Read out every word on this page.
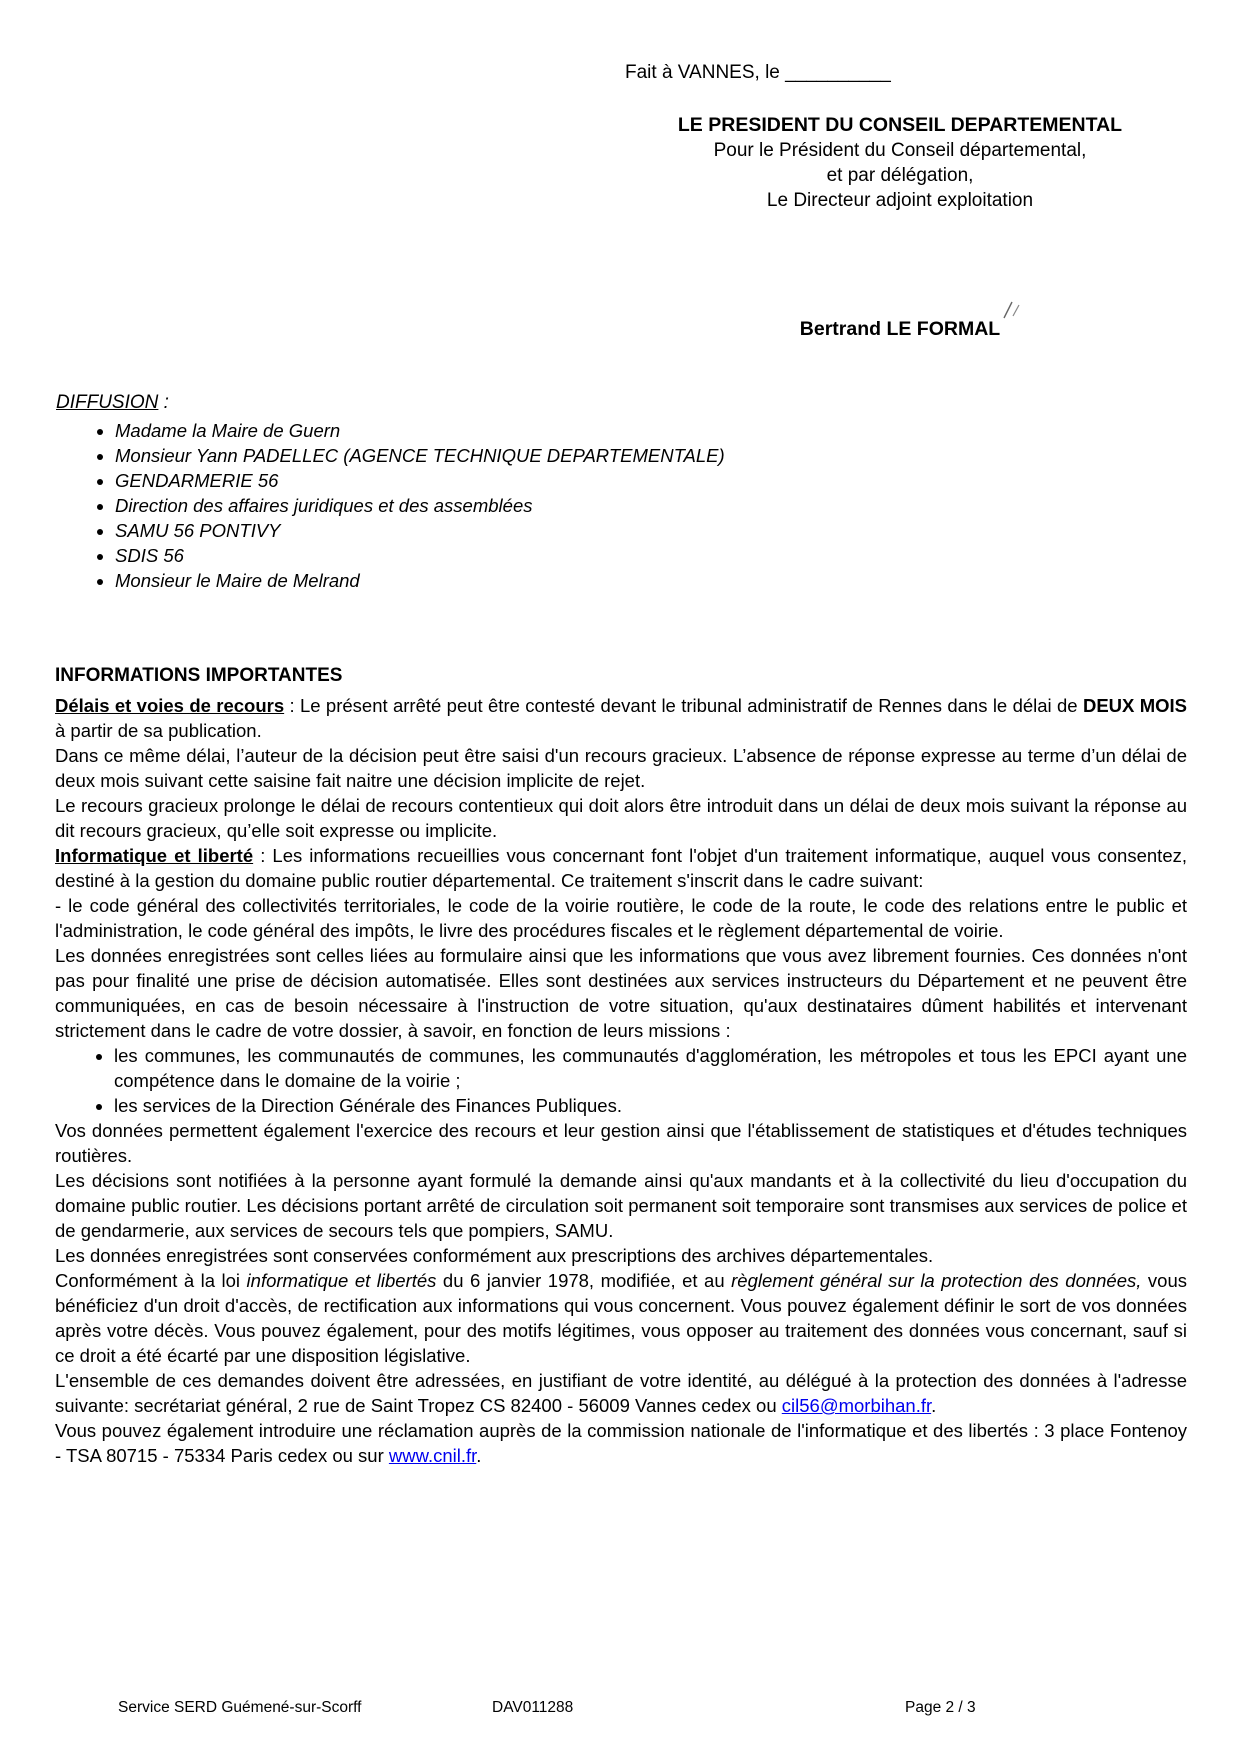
Fait à VANNES, le __________
LE PRESIDENT DU CONSEIL DEPARTEMENTAL
Pour le Président du Conseil départemental,
et par délégation,
Le Directeur adjoint exploitation
Bertrand LE FORMAL
DIFFUSION :
• Madame la Maire de Guern
• Monsieur Yann PADELLEC (AGENCE TECHNIQUE DEPARTEMENTALE)
• GENDARMERIE 56
• Direction des affaires juridiques et des assemblées
• SAMU 56 PONTIVY
• SDIS 56
• Monsieur le Maire de Melrand
INFORMATIONS IMPORTANTES

Délais et voies de recours : Le présent arrêté peut être contesté devant le tribunal administratif de Rennes dans le délai de DEUX MOIS à partir de sa publication.

Dans ce même délai, l’auteur de la décision peut être saisi d'un recours gracieux. L’absence de réponse expresse au terme d’un délai de deux mois suivant cette saisine fait naitre une décision implicite de rejet.

Le recours gracieux prolonge le délai de recours contentieux qui doit alors être introduit dans un délai de deux mois suivant la réponse au dit recours gracieux, qu’elle soit expresse ou implicite.

Informatique et liberté : Les informations recueillies vous concernant font l'objet d'un traitement informatique, auquel vous consentez, destiné à la gestion du domaine public routier départemental. Ce traitement s'inscrit dans le cadre suivant:

- le code général des collectivités territoriales, le code de la voirie routière, le code de la route, le code des relations entre le public et l'administration, le code général des impôts, le livre des procédures fiscales et le règlement départemental de voirie.

Les données enregistrées sont celles liées au formulaire ainsi que les informations que vous avez librement fournies. Ces données n'ont pas pour finalité une prise de décision automatisée. Elles sont destinées aux services instructeurs du Département et ne peuvent être communiquées, en cas de besoin nécessaire à l'instruction de votre situation, qu'aux destinataires dûment habilités et intervenant strictement dans le cadre de votre dossier, à savoir, en fonction de leurs missions :

• les communes, les communautés de communes, les communautés d'agglomération, les métropoles et tous les EPCI ayant une compétence dans le domaine de la voirie ;
• les services de la Direction Générale des Finances Publiques.

Vos données permettent également l'exercice des recours et leur gestion ainsi que l'établissement de statistiques et d'études techniques routières.

Les décisions sont notifiées à la personne ayant formulé la demande ainsi qu'aux mandants et à la collectivité du lieu d'occupation du domaine public routier. Les décisions portant arrêté de circulation soit permanent soit temporaire sont transmises aux services de police et de gendarmerie, aux services de secours tels que pompiers, SAMU.

Les données enregistrées sont conservées conformément aux prescriptions des archives départementales.

Conformément à la loi informatique et libertés du 6 janvier 1978, modifiée, et au règlement général sur la protection des données, vous bénéficiez d'un droit d'accès, de rectification aux informations qui vous concernent. Vous pouvez également définir le sort de vos données après votre décès. Vous pouvez également, pour des motifs légitimes, vous opposer au traitement des données vous concernant, sauf si ce droit a été écarté par une disposition législative.

L'ensemble de ces demandes doivent être adressées, en justifiant de votre identité, au délégué à la protection des données à l'adresse suivante: secrétariat général, 2 rue de Saint Tropez CS 82400 - 56009 Vannes cedex ou cil56@morbihan.fr.

Vous pouvez également introduire une réclamation auprès de la commission nationale de l'informatique et des libertés : 3 place Fontenoy - TSA 80715 - 75334 Paris cedex ou sur www.cnil.fr.

Service SERD Guémené-sur-Scorff	DAV011288	Page 2 / 3
